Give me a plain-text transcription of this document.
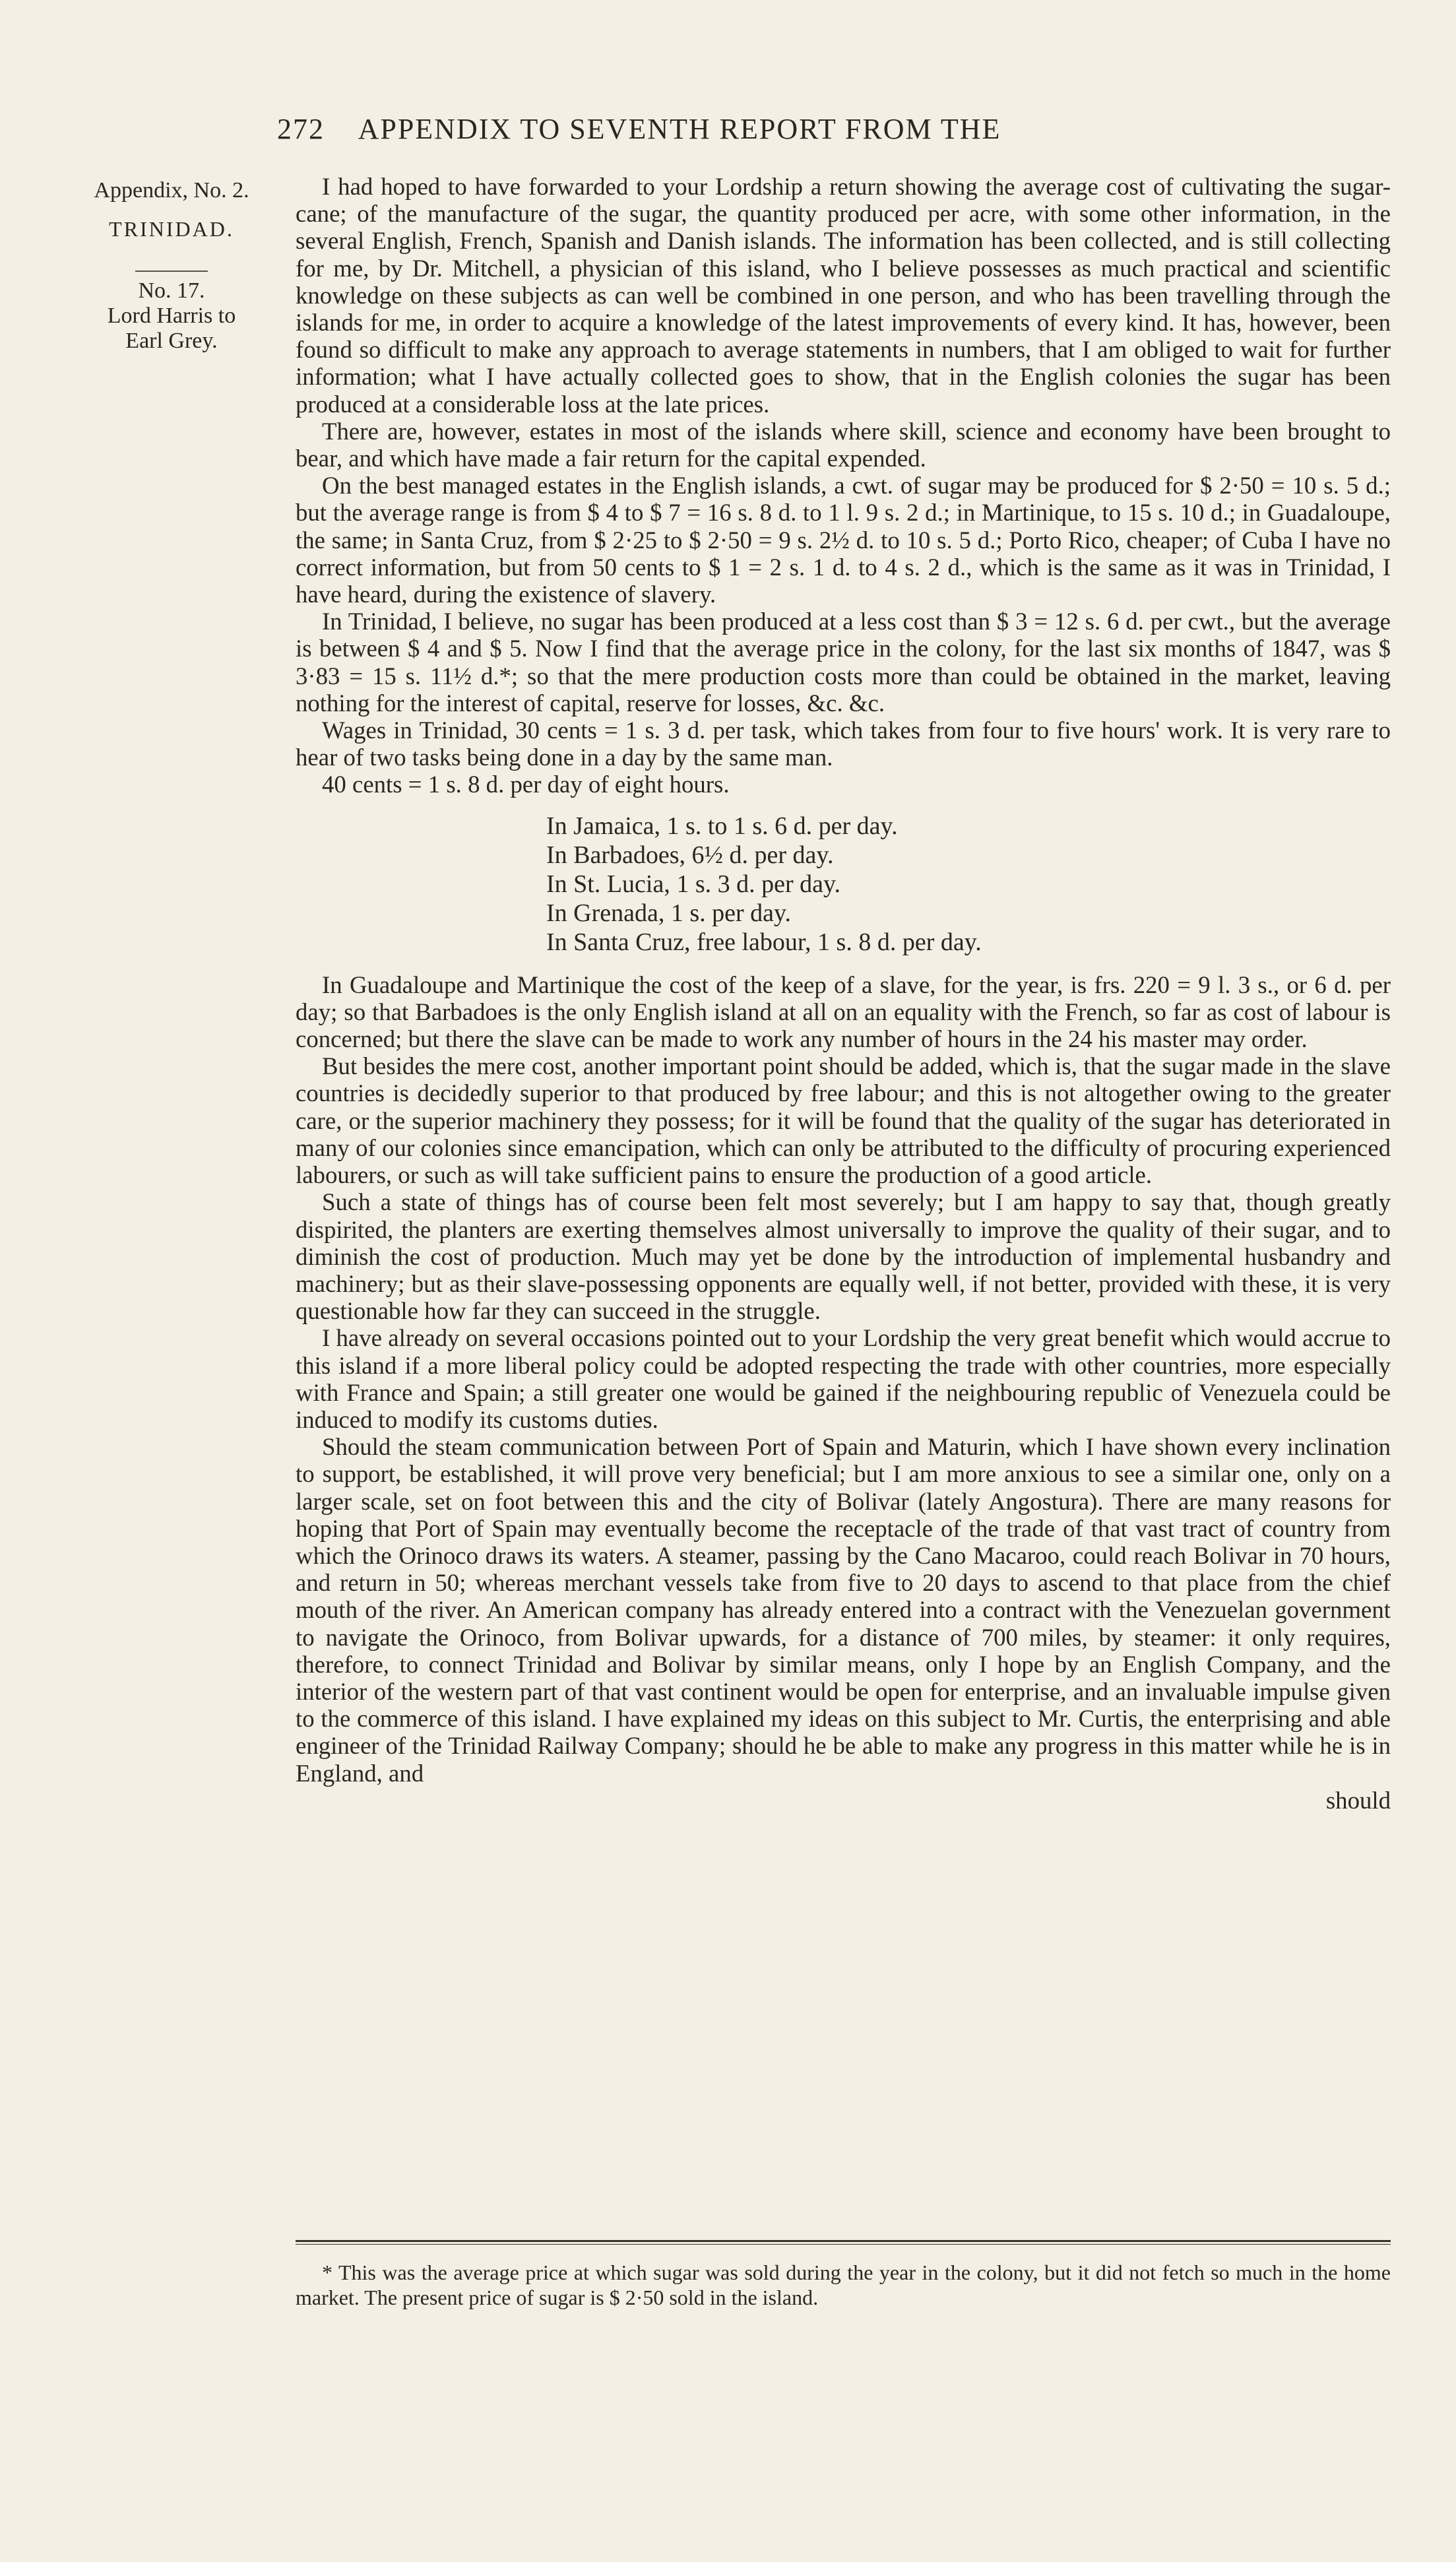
272 APPENDIX TO SEVENTH REPORT FROM THE
Appendix, No. 2.
TRINIDAD.
No. 17.
Lord Harris to
Earl Grey.

I had hoped to have forwarded to your Lordship a return showing the average cost of cultivating the sugar-cane; of the manufacture of the sugar, the quantity produced per acre, with some other information, in the several English, French, Spanish and Danish islands. The information has been collected, and is still collecting for me, by Dr. Mitchell, a physician of this island, who I believe possesses as much practical and scientific knowledge on these subjects as can well be combined in one person, and who has been travelling through the islands for me, in order to acquire a knowledge of the latest improvements of every kind. It has, however, been found so difficult to make any approach to average statements in numbers, that I am obliged to wait for further information; what I have actually collected goes to show, that in the English colonies the sugar has been produced at a considerable loss at the late prices.

There are, however, estates in most of the islands where skill, science and economy have been brought to bear, and which have made a fair return for the capital expended.

On the best managed estates in the English islands, a cwt. of sugar may be produced for $ 2·50 = 10 s. 5 d.; but the average range is from $ 4 to $ 7 = 16 s. 8 d. to 1 l. 9 s. 2 d.; in Martinique, to 15 s. 10 d.; in Guadaloupe, the same; in Santa Cruz, from $ 2·25 to $ 2·50 = 9 s. 2½ d. to 10 s. 5 d.; Porto Rico, cheaper; of Cuba I have no correct information, but from 50 cents to $ 1 = 2 s. 1 d. to 4 s. 2 d., which is the same as it was in Trinidad, I have heard, during the existence of slavery.

In Trinidad, I believe, no sugar has been produced at a less cost than $ 3 = 12 s. 6 d. per cwt., but the average is between $ 4 and $ 5. Now I find that the average price in the colony, for the last six months of 1847, was $ 3·83 = 15 s. 11½ d.*; so that the mere production costs more than could be obtained in the market, leaving nothing for the interest of capital, reserve for losses, &c. &c.

Wages in Trinidad, 30 cents = 1 s. 3 d. per task, which takes from four to five hours' work. It is very rare to hear of two tasks being done in a day by the same man.

40 cents = 1 s. 8 d. per day of eight hours.

In Jamaica, 1 s. to 1 s. 6 d. per day.
In Barbadoes, 6½ d. per day.
In St. Lucia, 1 s. 3 d. per day.
In Grenada, 1 s. per day.
In Santa Cruz, free labour, 1 s. 8 d. per day.

In Guadaloupe and Martinique the cost of the keep of a slave, for the year, is frs. 220 = 9 l. 3 s., or 6 d. per day; so that Barbadoes is the only English island at all on an equality with the French, so far as cost of labour is concerned; but there the slave can be made to work any number of hours in the 24 his master may order.

But besides the mere cost, another important point should be added, which is, that the sugar made in the slave countries is decidedly superior to that produced by free labour; and this is not altogether owing to the greater care, or the superior machinery they possess; for it will be found that the quality of the sugar has deteriorated in many of our colonies since emancipation, which can only be attributed to the difficulty of procuring experienced labourers, or such as will take sufficient pains to ensure the production of a good article.

Such a state of things has of course been felt most severely; but I am happy to say that, though greatly dispirited, the planters are exerting themselves almost universally to improve the quality of their sugar, and to diminish the cost of production. Much may yet be done by the introduction of implemental husbandry and machinery; but as their slave-possessing opponents are equally well, if not better, provided with these, it is very questionable how far they can succeed in the struggle.

I have already on several occasions pointed out to your Lordship the very great benefit which would accrue to this island if a more liberal policy could be adopted respecting the trade with other countries, more especially with France and Spain; a still greater one would be gained if the neighbouring republic of Venezuela could be induced to modify its customs duties.

Should the steam communication between Port of Spain and Maturin, which I have shown every inclination to support, be established, it will prove very beneficial; but I am more anxious to see a similar one, only on a larger scale, set on foot between this and the city of Bolivar (lately Angostura). There are many reasons for hoping that Port of Spain may eventually become the receptacle of the trade of that vast tract of country from which the Orinoco draws its waters. A steamer, passing by the Cano Macaroo, could reach Bolivar in 70 hours, and return in 50; whereas merchant vessels take from five to 20 days to ascend to that place from the chief mouth of the river. An American company has already entered into a contract with the Venezuelan government to navigate the Orinoco, from Bolivar upwards, for a distance of 700 miles, by steamer: it only requires, therefore, to connect Trinidad and Bolivar by similar means, only I hope by an English Company, and the interior of the western part of that vast continent would be open for enterprise, and an invaluable impulse given to the commerce of this island. I have explained my ideas on this subject to Mr. Curtis, the enterprising and able engineer of the Trinidad Railway Company; should he be able to make any progress in this matter while he is in England, and

should
* This was the average price at which sugar was sold during the year in the colony, but it did not fetch so much in the home market. The present price of sugar is $ 2·50 sold in the island.
